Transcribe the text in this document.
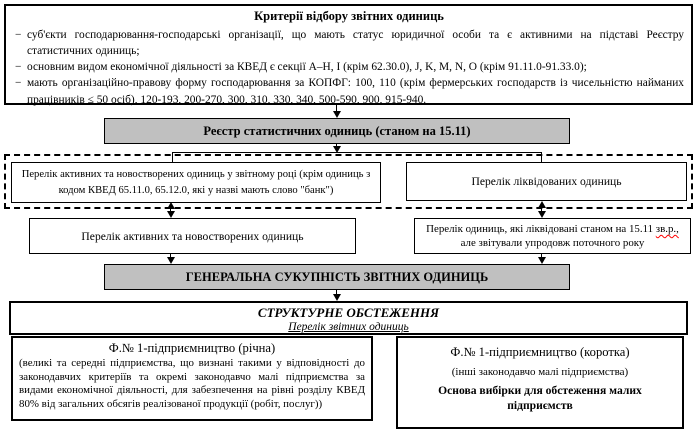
Критерії відбору звітних одиниць
− суб'єкти господарювання-господарські організації, що мають статус юридичної особи та є активними на підставі Реєстру статистичних одиниць;
− основним видом економічної діяльності за КВЕД є секції A–H, I (крім 62.30.0), J, K, M, N, O (крім 91.11.0-91.33.0);
− мають організаційно-правову форму господарювання за КОПФГ: 100, 110 (крім фермерських господарств із чисельністю найманих працівників ≤ 50 осіб), 120-193, 200-270, 300, 310, 330, 340, 500-590, 900, 915-940.
Реєстр статистичних одиниць (станом на 15.11)
Перелік активних та новостворених одиниць у звітному році (крім одиниць з кодом КВЕД 65.11.0, 65.12.0, які у назві мають слово "банк")
Перелік ліквідованих одиниць
Перелік активних та новостворених одиниць
Перелік одиниць, які ліквідовані станом на 15.11 зв.р., але звітували упродовж поточного року
ГЕНЕРАЛЬНА СУКУПНІСТЬ ЗВІТНИХ ОДИНИЦЬ
СТРУКТУРНЕ ОБСТЕЖЕННЯ
Перелік звітних одиниць
Ф.№ 1-підприємництво (річна)
(великі та середні підприємства, що визнані такими у відповідності до законодавчих критеріїв та окремі законодавчо малі підприємства за видами економічної діяльності, для забезпечення на рівні розділу КВЕД 80% від загальних обсягів реалізованої продукції (робіт, послуг))
Ф.№ 1-підприємництво (коротка)
(інші законодавчо малі підприємства)
Основа вибірки для обстеження малих підприємств
